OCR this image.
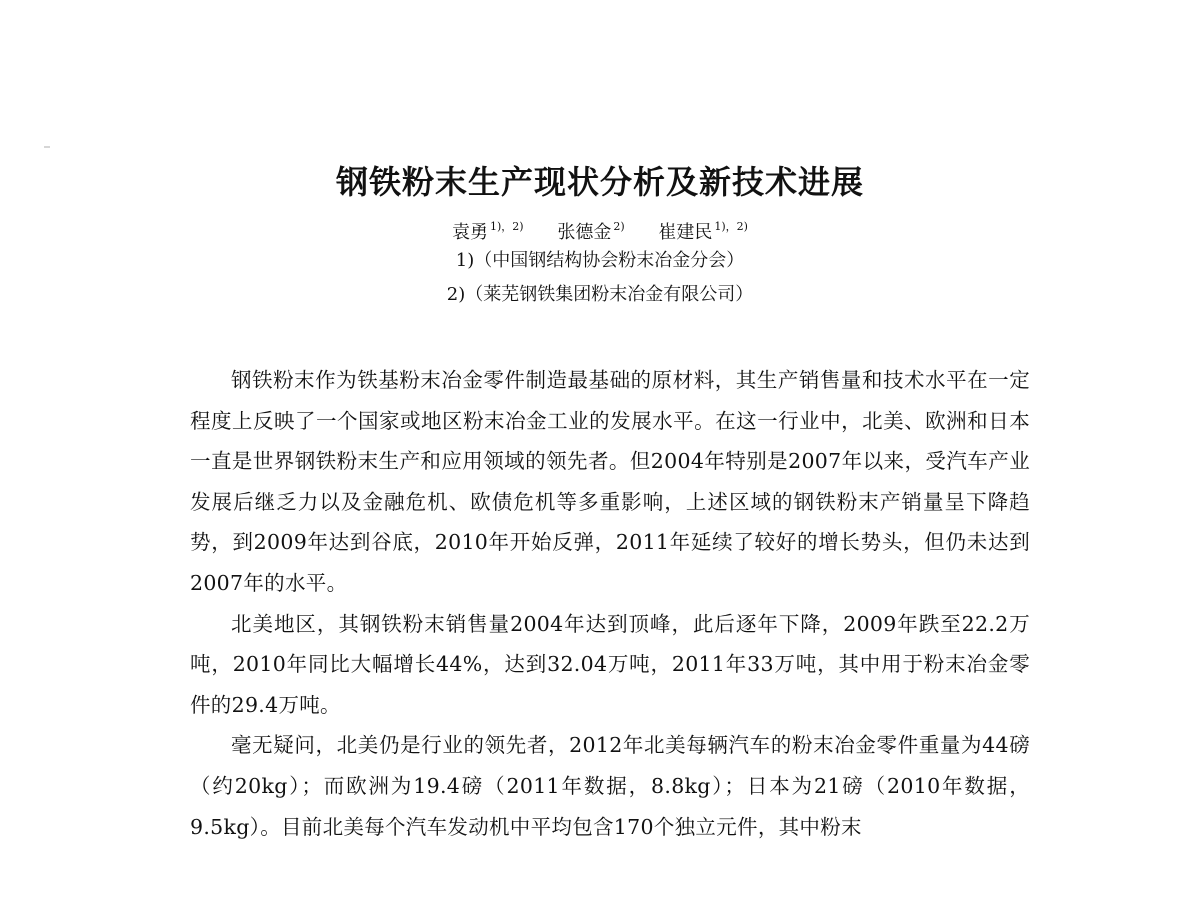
钢铁粉末生产现状分析及新技术进展
袁勇 $^{1),2)}$ 张德金 $^{2)}$ 崔建民 $^{1),2)}$
1)（中国钢结构协会粉末冶金分会）
2)（莱芜钢铁集团粉末冶金有限公司）

钢铁粉末作为铁基粉末冶金零件制造最基础的原材料，其生产销售量和技术水平在一定程度上反映了一个国家或地区粉末冶金工业的发展水平。在这一行业中，北美、欧洲和日本一直是世界钢铁粉末生产和应用领域的领先者。但2004年特别是2007年以来，受汽车产业发展后继乏力以及金融危机、欧债危机等多重影响，上述区域的钢铁粉末产销量呈下降趋势，到2009年达到谷底，2010年开始反弹，2011年延续了较好的增长势头，但仍未达到2007年的水平。

北美地区，其钢铁粉末销售量2004年达到顶峰，此后逐年下降，2009年跌至22.2万吨，2010年同比大幅增长44%，达到32.04万吨，2011年33万吨，其中用于粉末冶金零件的29.4万吨。

毫无疑问，北美仍是行业的领先者，2012年北美每辆汽车的粉末冶金零件重量为44磅（约20kg）；而欧洲为19.4磅（2011年数据，8.8kg）；日本为21磅（2010年数据，9.5kg）。目前北美每个汽车发动机中平均包含170个独立元件，其中粉末
